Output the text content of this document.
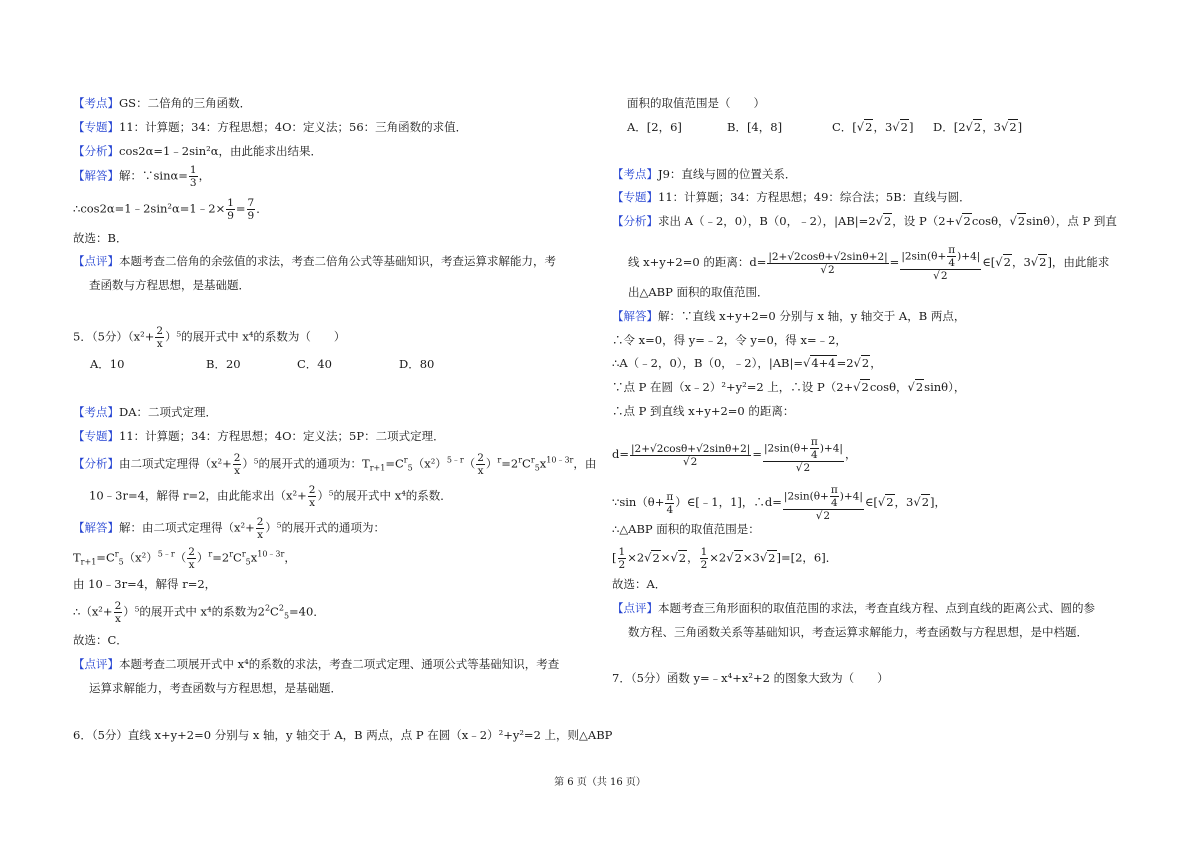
【考点】GS：二倍角的三角函数．
【专题】11：计算题；34：方程思想；4O：定义法；56：三角函数的求值．
【分析】cos2α=1﹣2sin²α，由此能求出结果．
【解答】解：∵sinα= $\frac{1}{3}$ ，
∴cos2α=1﹣2sin²α=1﹣2× $\frac{1}{9} = \frac{7}{9}$ ．
故选：B．
【点评】本题考查二倍角的余弦值的求法，考查二倍角公式等基础知识，考查运算求解能力，考
查函数与方程思想，是基础题．
5．（5分）$(x^2+ \frac{2}{x} )^5$的展开式中 x⁴的系数为（　　）
A．10	B．20	C．40	D．80
【考点】DA：二项式定理．
【专题】11：计算题；34：方程思想；4O：定义法；5P：二项式定理．
【分析】由二项式定理得$(x^2+ \frac{2}{x} )^5$的展开式的通项为：$T_{r+1}=C^r_5(x^2)^{5﹣r}( \frac{2}{x} )^r=2^rC^r_5x^{10﹣3r}$，由
10﹣3r=4，解得 r=2，由此能求出$(x^2+ \frac{2}{x} )^5$的展开式中 x⁴的系数．
【解答】解：由二项式定理得$(x^2+ \frac{2}{x} )^5$的展开式的通项为：
$T_{r+1}=C^r_5(x^2)^{5﹣r}( \frac{2}{x} )^r=2^rC^r_5x^{10﹣3r}$，
由 10﹣3r=4，解得 r=2，
∴（x²+ $\frac{2}{x} )^5$的展开式中 x⁴的系数为$2^2C^2_5=40$．
故选：C．
【点评】本题考查二项展开式中 x⁴的系数的求法，考查二项式定理、通项公式等基础知识，考查
运算求解能力，考查函数与方程思想，是基础题．
6．（5分）直线 x+y+2=0 分别与 x 轴，y 轴交于 A，B 两点，点 P 在圆（x﹣2）²+y²=2 上，则△ABP
面积的取值范围是（　　）
A．[2，6]	B．[4，8]	C．[√2，3√2] D．[2√2，3√2]
【考点】J9：直线与圆的位置关系．
【专题】11：计算题；34：方程思想；49：综合法；5B：直线与圆．
【分析】求出 A（﹣2，0），B（0，﹣2），|AB|=2√2，设 P（2+√2cosθ，√2sinθ），点 P 到直
线 x+y+2=0 的距离：$d= \frac{|2+√2\cos\theta+√2\sin\theta+2|}{√2} = \frac{|2\sin(\theta+ \frac{\pi}{4} )+4|}{√2}$ ∈[√2，3√2]，由此能求
出△ABP 面积的取值范围．
【解答】解：∵直线 x+y+2=0 分别与 x 轴，y 轴交于 A，B 两点，
∴令 x=0，得 y=﹣2，令 y=0，得 x=﹣2，
∴A（﹣2，0），B（0，﹣2），|AB|=√4+4=2√2，
∵点 P 在圆（x﹣2）²+y²=2 上，∴设 P（2+√2cosθ，√2sinθ），
∴点 P 到直线 x+y+2=0 的距离：
$d= \frac{|2+√2\cos\theta+√2\sin\theta+2|}{√2} = \frac{|2\sin(\theta+ \frac{\pi}{4} )+4|}{√2}$ ，
∵sin（θ+ $\frac{\pi}{4}$ ）∈[﹣1，1]，∴d= $\frac{|2\sin(\theta+ \frac{\pi}{4} )+4|}{√2}$ ∈[√2，3√2]，
∴△ABP 面积的取值范围是：
[ $\frac{1}{2} \times 2√2\times√2$， $\frac{1}{2} \times 2√2\times 3√2]=[2$，6]．
故选：A．
【点评】本题考查三角形面积的取值范围的求法，考查直线方程、点到直线的距离公式、圆的参
数方程、三角函数关系等基础知识，考查运算求解能力，考查函数与方程思想，是中档题．
7．（5分）函数 y=﹣x⁴+x²+2 的图象大致为（　　）
第 6 页（共 16 页）
